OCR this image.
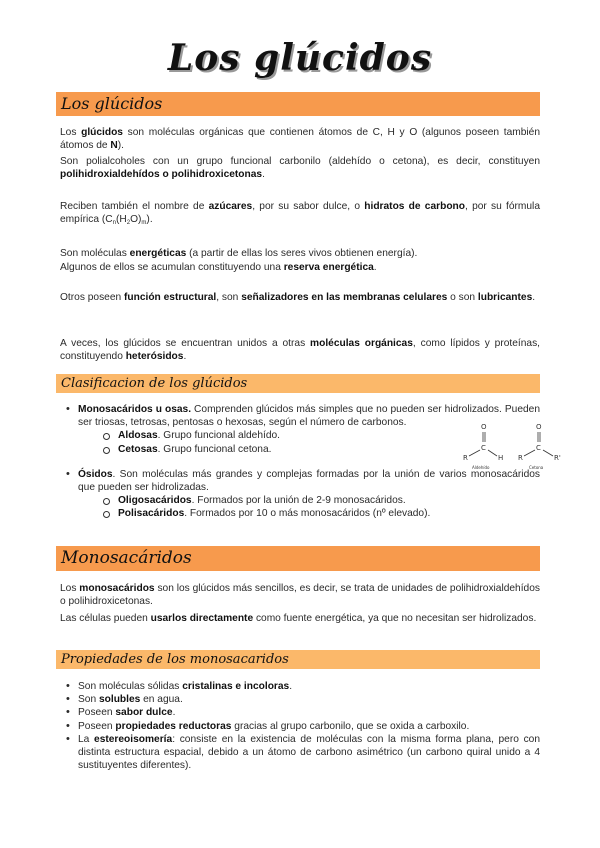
Los glúcidos
Los glúcidos
Los glúcidos son moléculas orgánicas que contienen átomos de C, H y O (algunos poseen también átomos de N).
Son polialcoholes con un grupo funcional carbonilo (aldehído o cetona), es decir, constituyen polihidroxialdehídos o polihidroxicetonas.
Reciben también el nombre de azúcares, por su sabor dulce, o hidratos de carbono, por su fórmula empírica $(C_n(H_2O)_m)$.
Son moléculas energéticas (a partir de ellas los seres vivos obtienen energía).
Algunos de ellos se acumulan constituyendo una reserva energética.
Otros poseen función estructural, son señalizadores en las membranas celulares o son lubricantes.
A veces, los glúcidos se encuentran unidos a otras moléculas orgánicas, como lípidos y proteínas, constituyendo heterósidos.
Clasificacion de los glúcidos
• Monosacáridos u osas. Comprenden glúcidos más simples que no pueden ser hidrolizados. Pueden ser triosas, tetrosas, pentosas o hexosas, según el número de carbonos.
Aldosas. Grupo funcional aldehído.
Cetosas. Grupo funcional cetona.
• Ósidos. Son moléculas más grandes y complejas formadas por la unión de varios monosacáridos que pueden ser hidrolizadas.
Oligosacáridos. Formados por la unión de 2-9 monosacáridos.
Polisacáridos. Formados por 10 o más monosacáridos (nº elevado).
O
C
R	H
Aldehído
O
C
R	R'
Cetona
Monosacáridos
Los monosacáridos son los glúcidos más sencillos, es decir, se trata de unidades de polihidroxialdehídos o polihidroxicetonas.
Las células pueden usarlos directamente como fuente energética, ya que no necesitan ser hidrolizados.
Propiedades de los monosacaridos
• Son moléculas sólidas cristalinas e incoloras.
• Son solubles en agua.
• Poseen sabor dulce.
• Poseen propiedades reductoras gracias al grupo carbonilo, que se oxida a carboxilo.
• La estereoisomería: consiste en la existencia de moléculas con la misma forma plana, pero con distinta estructura espacial, debido a un átomo de carbono asimétrico (un carbono quiral unido a 4 sustituyentes diferentes).
